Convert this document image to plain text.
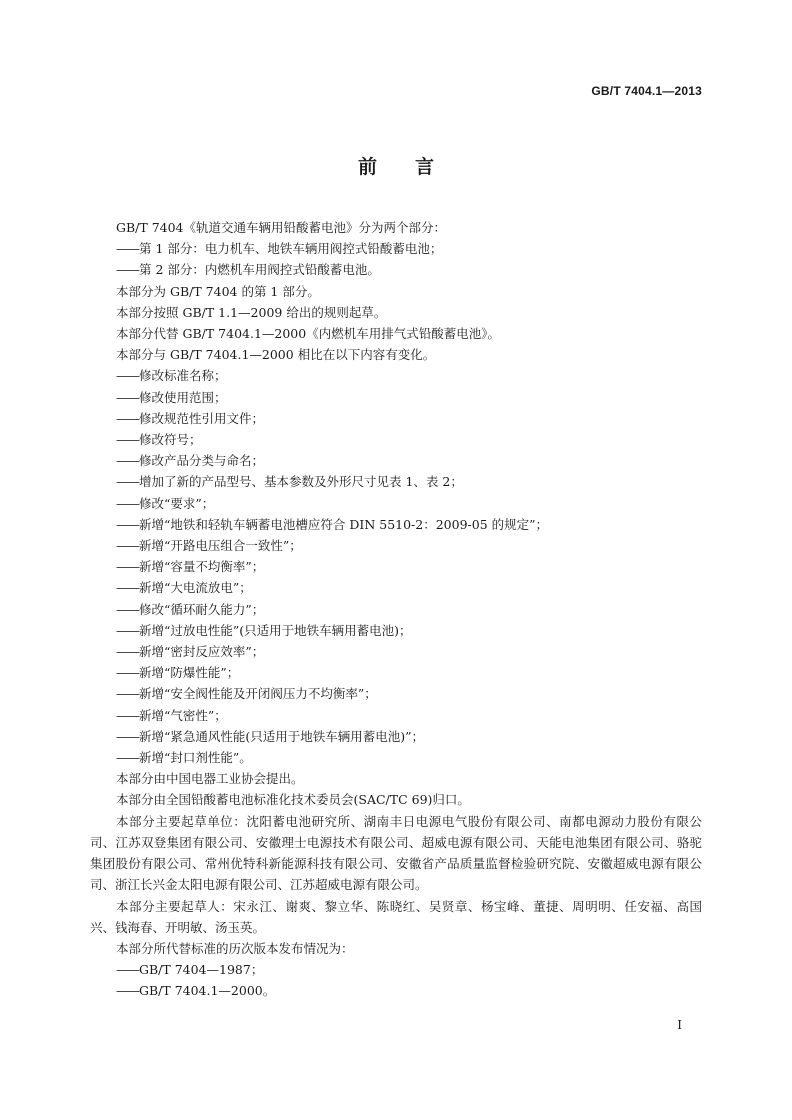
GB/T 7404.1—2013
前言

GB/T 7404《轨道交通车辆用铅酸蓄电池》分为两个部分：

——第 1 部分：电力机车、地铁车辆用阀控式铅酸蓄电池；

——第 2 部分：内燃机车用阀控式铅酸蓄电池。

本部分为 GB/T 7404 的第 1 部分。

本部分按照 GB/T 1.1—2009 给出的规则起草。

本部分代替 GB/T 7404.1—2000《内燃机车用排气式铅酸蓄电池》。

本部分与 GB/T 7404.1—2000 相比在以下内容有变化。

——修改标准名称；

——修改使用范围；

——修改规范性引用文件；

——修改符号；

——修改产品分类与命名；

——增加了新的产品型号、基本参数及外形尺寸见表 1、表 2；

——修改“要求”；

——新增“地铁和轻轨车辆蓄电池槽应符合 DIN 5510-2：2009-05 的规定”；

——新增“开路电压组合一致性”；

——新增“容量不均衡率”；

——新增“大电流放电”；

——修改“循环耐久能力”；

——新增“过放电性能”(只适用于地铁车辆用蓄电池)；

——新增“密封反应效率”；

——新增“防爆性能”；

——新增“安全阀性能及开闭阀压力不均衡率”；

——新增“气密性”；

——新增“紧急通风性能(只适用于地铁车辆用蓄电池)”；

——新增“封口剂性能”。

本部分由中国电器工业协会提出。

本部分由全国铅酸蓄电池标准化技术委员会(SAC/TC 69)归口。

本部分主要起草单位：沈阳蓄电池研究所、湖南丰日电源电气股份有限公司、南都电源动力股份有限公司、江苏双登集团有限公司、安徽理士电源技术有限公司、超威电源有限公司、天能电池集团有限公司、骆驼集团股份有限公司、常州优特科新能源科技有限公司、安徽省产品质量监督检验研究院、安徽超威电源有限公司、浙江长兴金太阳电源有限公司、江苏超威电源有限公司。

本部分主要起草人：宋永江、谢爽、黎立华、陈晓红、吴贤章、杨宝峰、董捷、周明明、任安福、高国兴、钱海春、开明敏、汤玉英。

本部分所代替标准的历次版本发布情况为：

——GB/T 7404—1987；

——GB/T 7404.1—2000。

I
